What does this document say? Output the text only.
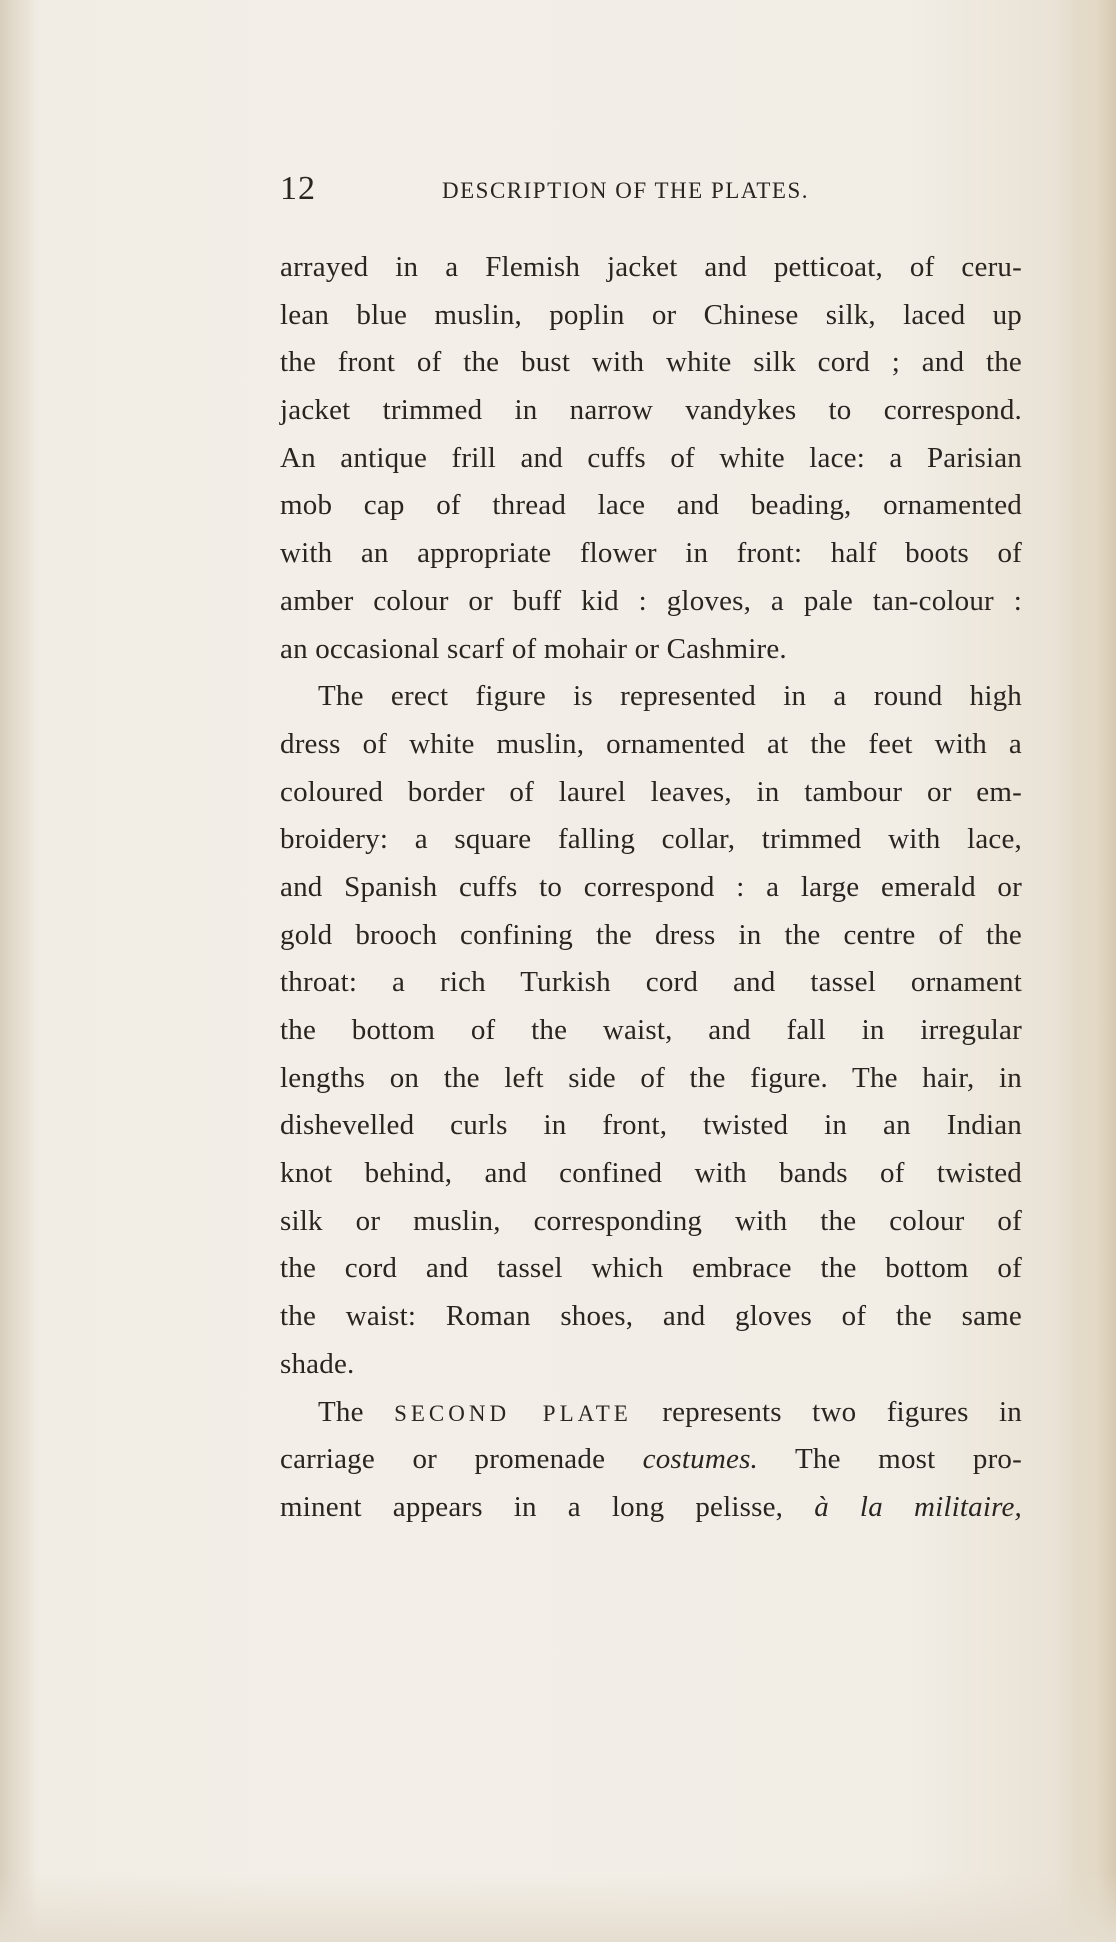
12	DESCRIPTION OF THE PLATES.
arrayed in a Flemish jacket and petticoat, of ceru-
lean blue muslin, poplin or Chinese silk, laced up
the front of the bust with white silk cord ; and the
jacket trimmed in narrow vandykes to correspond.
An antique frill and cuffs of white lace: a Parisian
mob cap of thread lace and beading, ornamented
with an appropriate flower in front: half boots of
amber colour or buff kid : gloves, a pale tan-colour :
an occasional scarf of mohair or Cashmire.
The erect figure is represented in a round high
dress of white muslin, ornamented at the feet with a
coloured border of laurel leaves, in tambour or em-
broidery: a square falling collar, trimmed with lace,
and Spanish cuffs to correspond : a large emerald or
gold brooch confining the dress in the centre of the
throat: a rich Turkish cord and tassel ornament
the bottom of the waist, and fall in irregular
lengths on the left side of the figure. The hair, in
dishevelled curls in front, twisted in an Indian
knot behind, and confined with bands of twisted
silk or muslin, corresponding with the colour of
the cord and tassel which embrace the bottom of
the waist: Roman shoes, and gloves of the same
shade.
The SECOND PLATE represents two figures in
carriage or promenade costumes. The most pro-
minent appears in a long pelisse, à la militaire,
